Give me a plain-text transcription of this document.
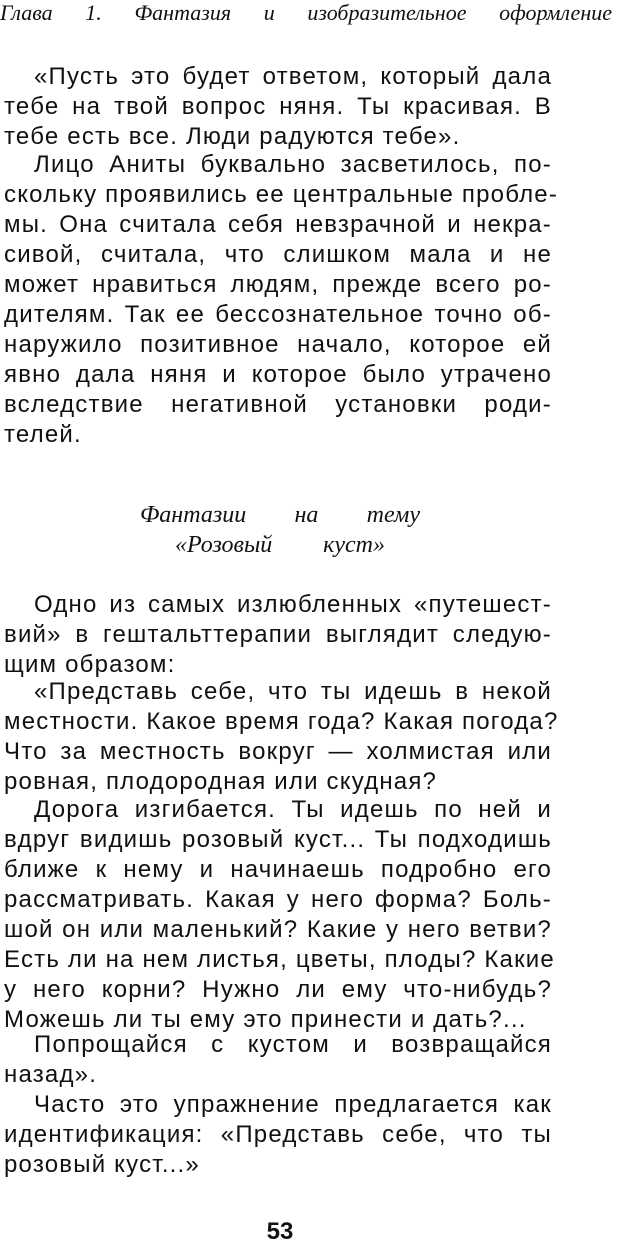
Глава 1. Фантазия и изобразительное оформление
«Пусть это будет ответом, который дала
тебе на твой вопрос няня. Ты красивая. В
тебе есть все. Люди радуются тебе».
Лицо Аниты буквально засветилось, по-
скольку проявились ее центральные пробле-
мы. Она считала себя невзрачной и некра-
сивой, считала, что слишком мала и не
может нравиться людям, прежде всего ро-
дителям. Так ее бессознательное точно об-
наружило позитивное начало, которое ей
явно дала няня и которое было утрачено
вследствие негативной установки роди-
телей.
Фантазии на тему
«Розовый куст»
Одно из самых излюбленных «путешест-
вий» в гештальттерапии выглядит следую-
щим образом:
«Представь себе, что ты идешь в некой
местности. Какое время года? Какая погода?
Что за местность вокруг — холмистая или
ровная, плодородная или скудная?
Дорога изгибается. Ты идешь по ней и
вдруг видишь розовый куст... Ты подходишь
ближе к нему и начинаешь подробно его
рассматривать. Какая у него форма? Боль-
шой он или маленький? Какие у него ветви?
Есть ли на нем листья, цветы, плоды? Какие
у него корни? Нужно ли ему что-нибудь?
Можешь ли ты ему это принести и дать?...
Попрощайся с кустом и возвращайся
назад».
Часто это упражнение предлагается как
идентификация: «Представь себе, что ты
розовый куст...»
53
